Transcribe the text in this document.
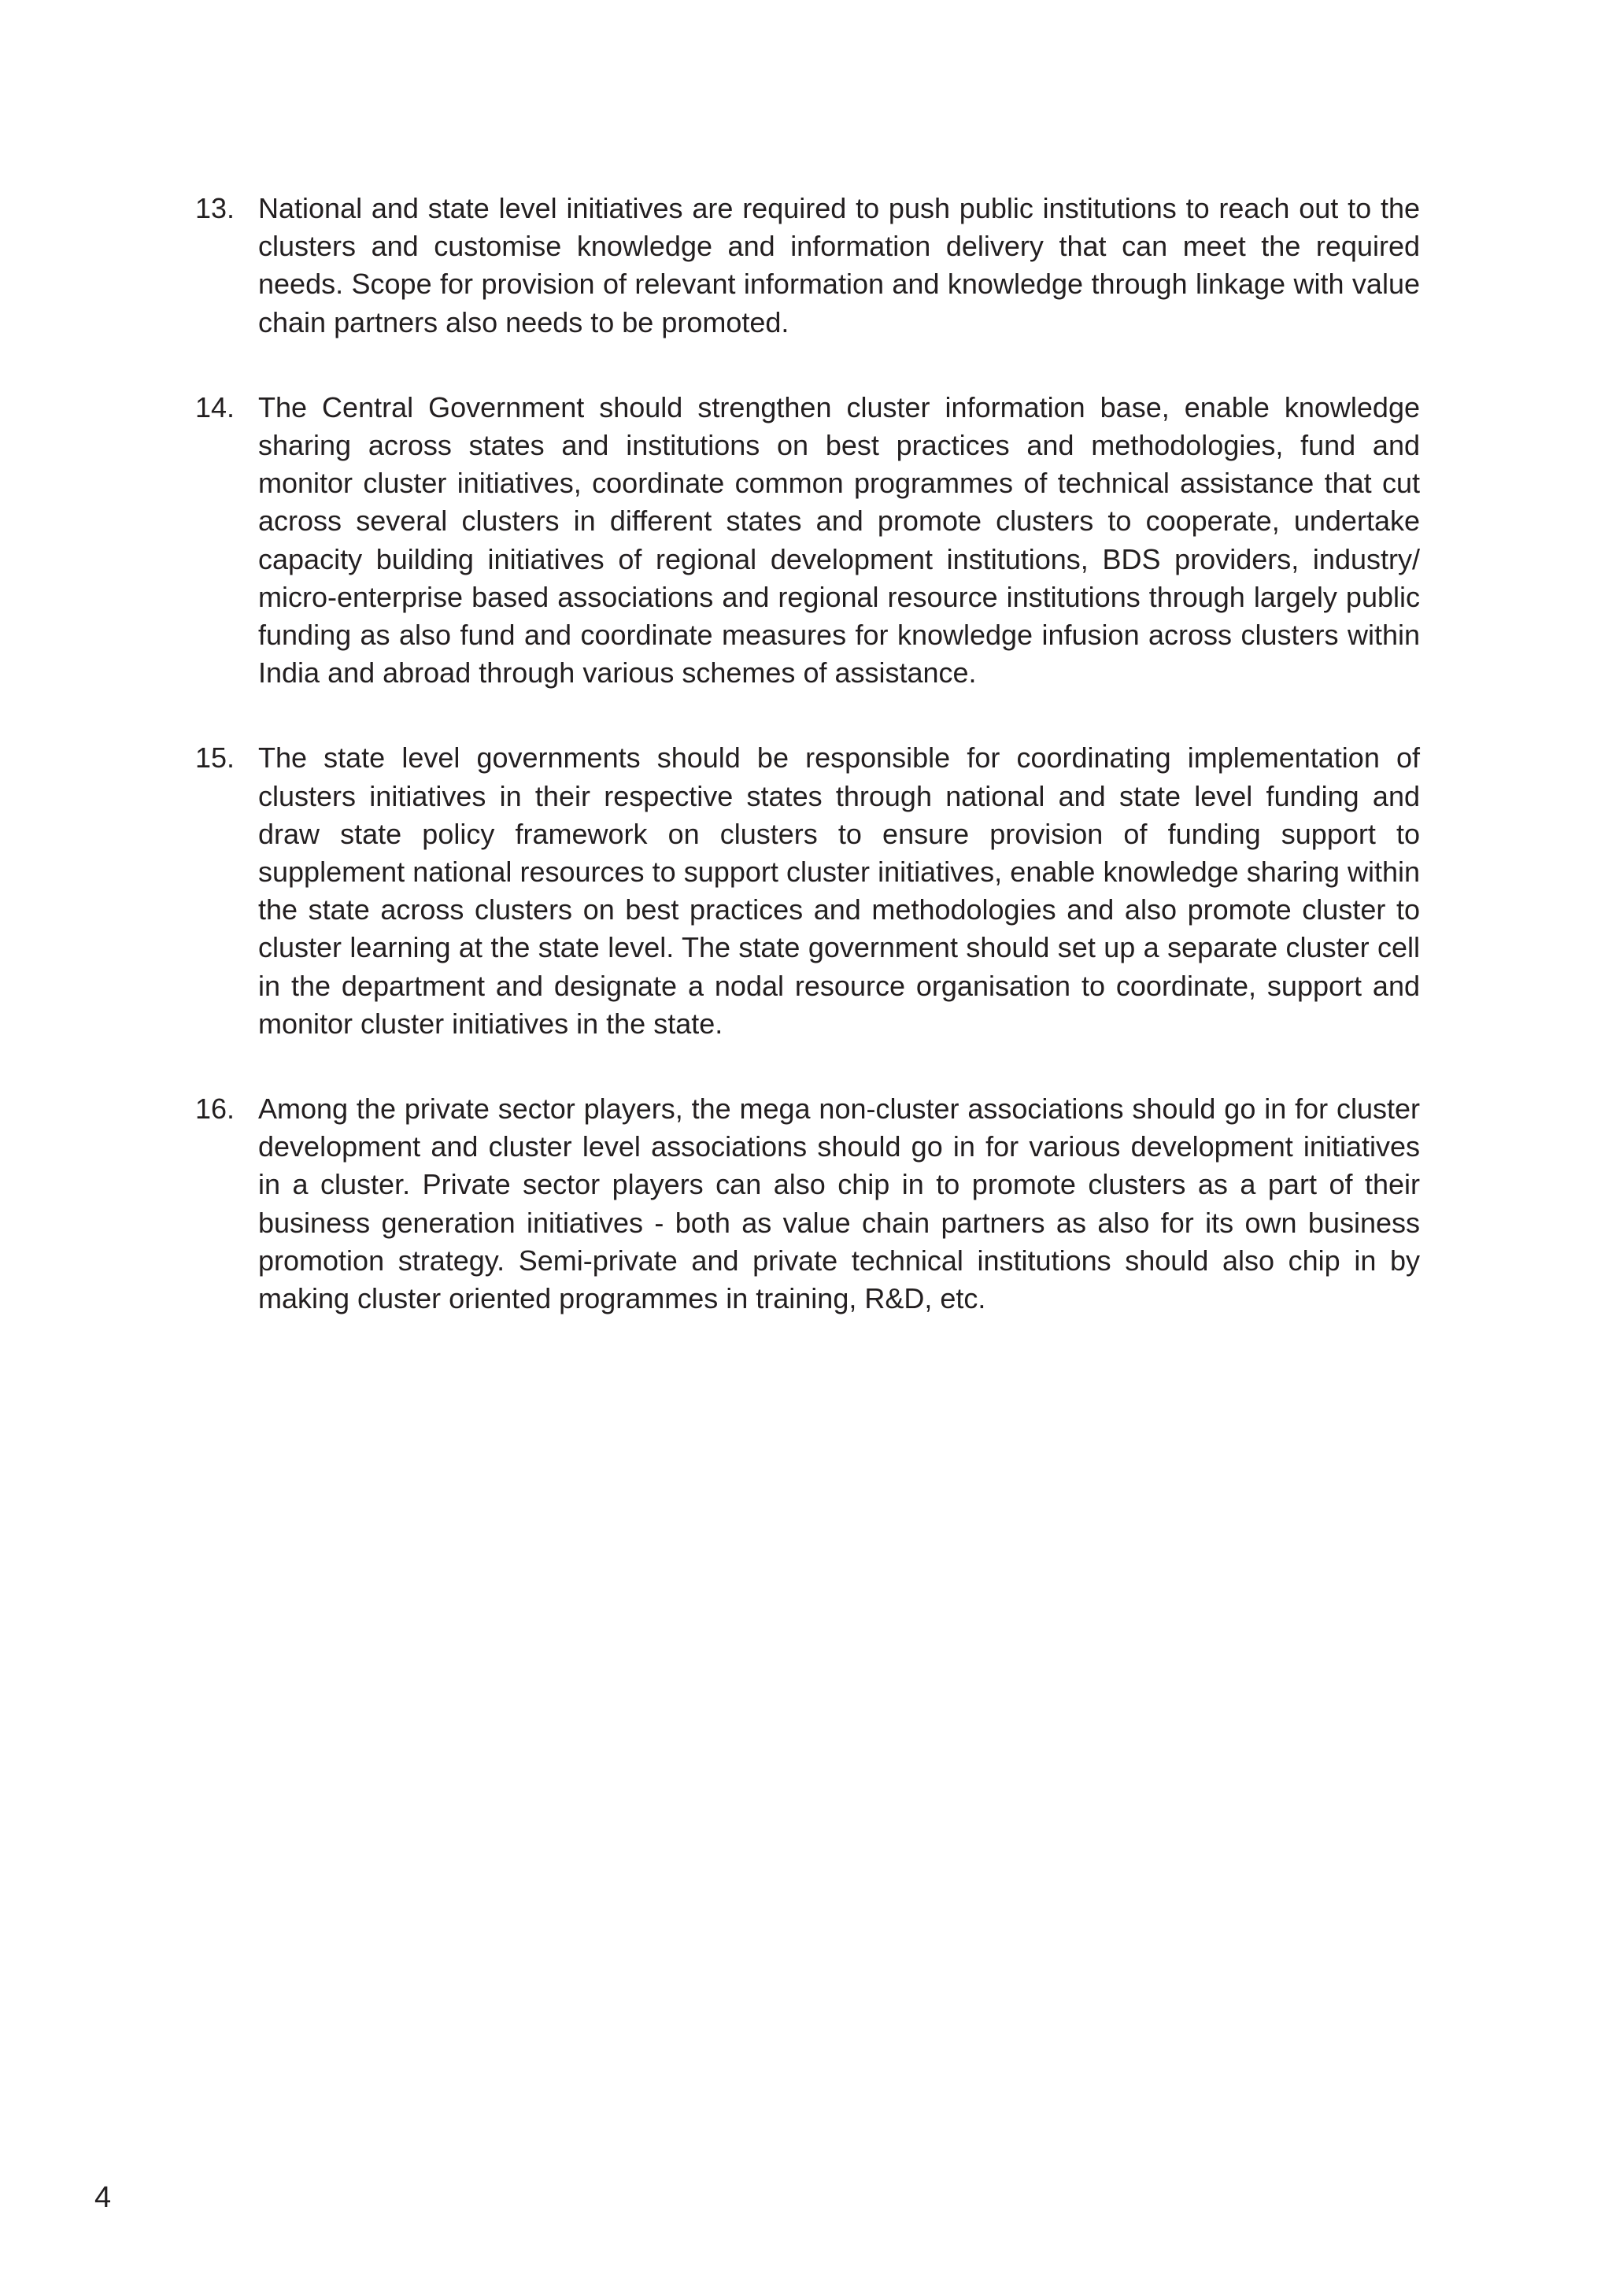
13. National and state level initiatives are required to push public institutions to reach out to the clusters and customise knowledge and information delivery that can meet the required needs. Scope for provision of relevant information and knowledge through linkage with value chain partners also needs to be promoted.

14. The Central Government should strengthen cluster information base, enable knowledge sharing across states and institutions on best practices and methodologies, fund and monitor cluster initiatives, coordinate common programmes of technical assistance that cut across several clusters in different states and promote clusters to cooperate, undertake capacity building initiatives of regional development institutions, BDS providers, industry/ micro-enterprise based associations and regional resource institutions through largely public funding as also fund and coordinate measures for knowledge infusion across clusters within India and abroad through various schemes of assistance.

15. The state level governments should be responsible for coordinating implementation of clusters initiatives in their respective states through national and state level funding and draw state policy framework on clusters to ensure provision of funding support to supplement national resources to support cluster initiatives, enable knowledge sharing within the state across clusters on best practices and methodologies and also promote cluster to cluster learning at the state level. The state government should set up a separate cluster cell in the department and designate a nodal resource organisation to coordinate, support and monitor cluster initiatives in the state.

16. Among the private sector players, the mega non-cluster associations should go in for cluster development and cluster level associations should go in for various development initiatives in a cluster. Private sector players can also chip in to promote clusters as a part of their business generation initiatives - both as value chain partners as also for its own business promotion strategy. Semi-private and private technical institutions should also chip in by making cluster oriented programmes in training, R&D, etc.

4
